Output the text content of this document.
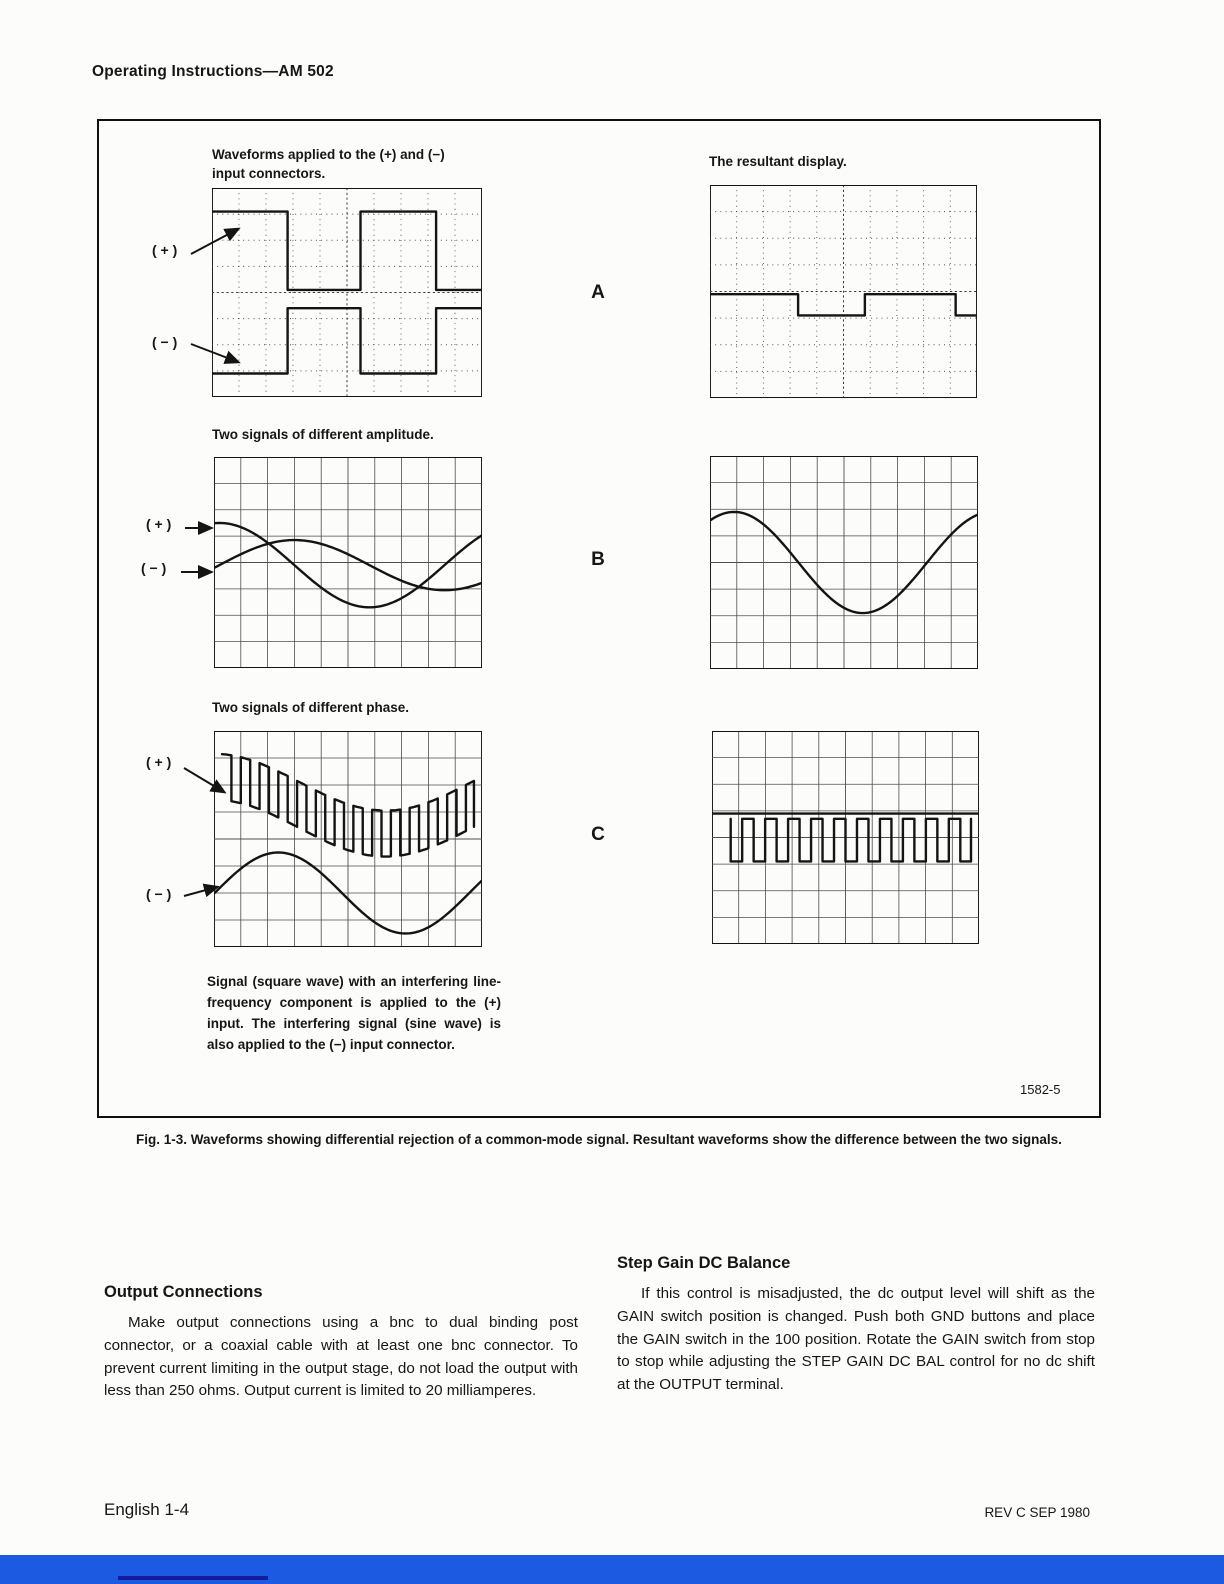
Operating Instructions—AM 502
Waveforms applied to the (+) and (−) input connectors.
The resultant display.
A
( + )
( − )
Two signals of different amplitude.
B
( + )
( − )
Two signals of different phase.
C
( + )
( − )
Signal (square wave) with an interfering line-frequency component is applied to the (+) input. The interfering signal (sine wave) is also applied to the (−) input connector.
1582-5
Fig. 1-3. Waveforms showing differential rejection of a common-mode signal. Resultant waveforms show the difference between the two signals.
Output Connections

Make output connections using a bnc to dual binding post connector, or a coaxial cable with at least one bnc connector. To prevent current limiting in the output stage, do not load the output with less than 250 ohms. Output current is limited to 20 milliamperes.

Step Gain DC Balance

If this control is misadjusted, the dc output level will shift as the GAIN switch position is changed. Push both GND buttons and place the GAIN switch in the 100 position. Rotate the GAIN switch from stop to stop while adjusting the STEP GAIN DC BAL control for no dc shift at the OUTPUT terminal.

English 1-4	REV C SEP 1980
